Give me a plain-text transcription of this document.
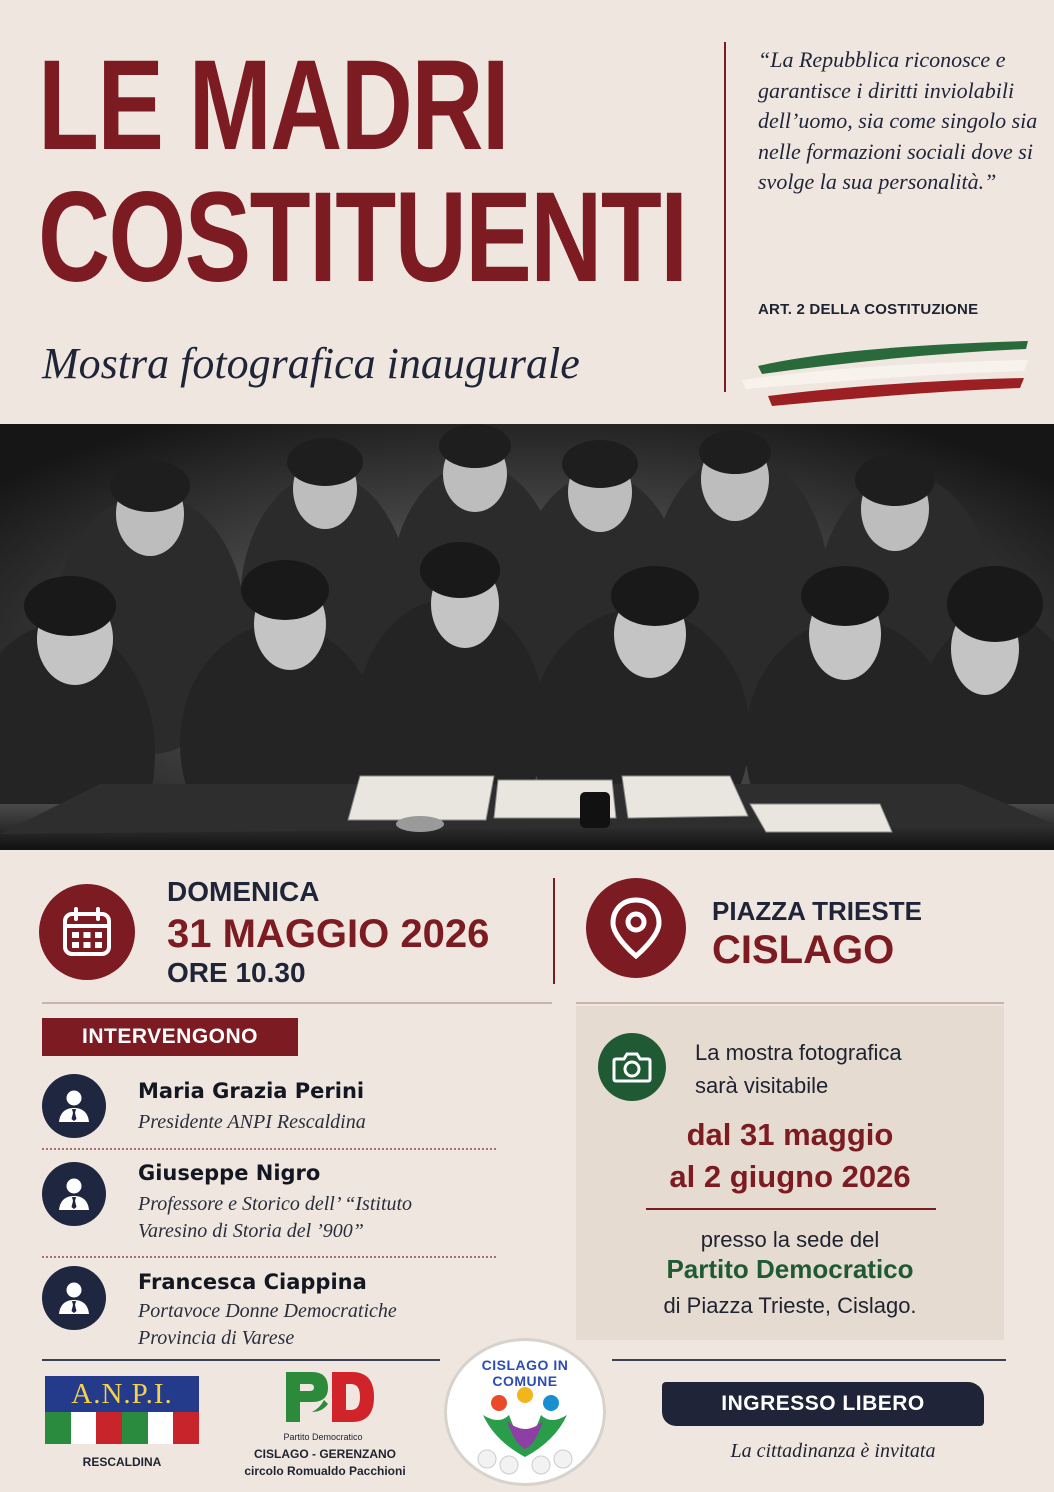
LE MADRI
COSTITUENTI
Mostra fotografica inaugurale
“La Repubblica riconosce e garantisce i diritti inviolabili dell’uomo, sia come singolo sia nelle formazioni sociali dove si svolge la sua personalità.”
ART. 2 DELLA COSTITUZIONE
DOMENICA
31 MAGGIO 2026
ORE 10.30
PIAZZA TRIESTE
CISLAGO
INTERVENGONO
Maria Grazia Perini
Presidente ANPI Rescaldina
Giuseppe Nigro
Professore e Storico dell’ “Istituto
Varesino di Storia del ’900”
Francesca Ciappina
Portavoce Donne Democratiche
Provincia di Varese
La mostra fotografica
sarà visitabile
dal 31 maggio
al 2 giugno 2026
presso la sede del
Partito Democratico
di Piazza Trieste, Cislago.
A.N.P.I.
RESCALDINA
Partito Democratico
CISLAGO - GERENZANO
circolo Romualdo Pacchioni
CISLAGO IN COMUNE
INGRESSO LIBERO
La cittadinanza è invitata
